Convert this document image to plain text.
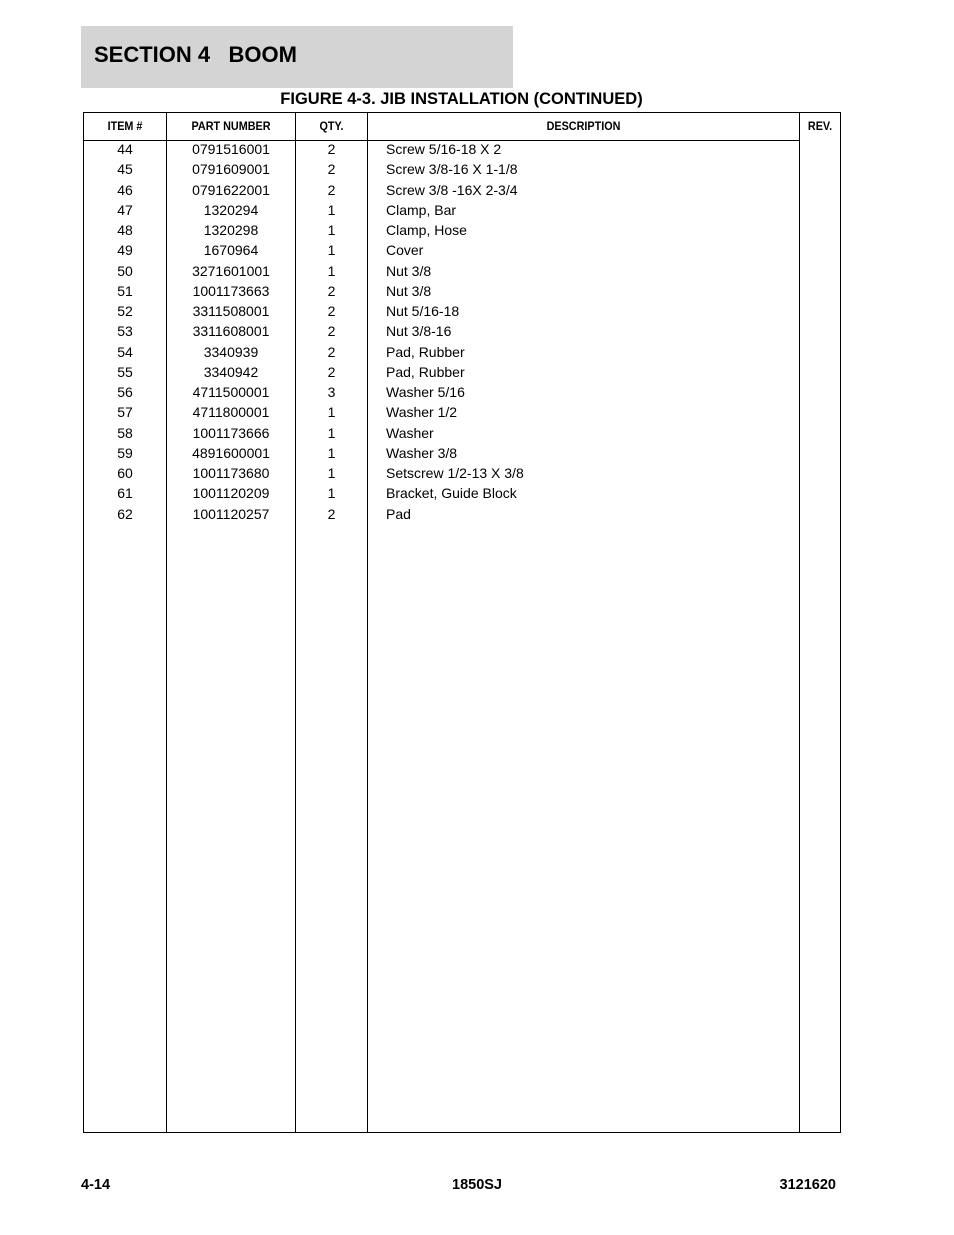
SECTION 4   BOOM
FIGURE 4-3. JIB INSTALLATION (CONTINUED)
ITEM #	PART NUMBER	QTY.	DESCRIPTION	REV.
44	0791516001	2	Screw 5/16-18 X 2
45	0791609001	2	Screw 3/8-16 X 1-1/8
46	0791622001	2	Screw 3/8 -16X 2-3/4
47	1320294	1	Clamp, Bar
48	1320298	1	Clamp, Hose
49	1670964	1	Cover
50	3271601001	1	Nut 3/8
51	1001173663	2	Nut 3/8
52	3311508001	2	Nut 5/16-18
53	3311608001	2	Nut 3/8-16
54	3340939	2	Pad, Rubber
55	3340942	2	Pad, Rubber
56	4711500001	3	Washer 5/16
57	4711800001	1	Washer 1/2
58	1001173666	1	Washer
59	4891600001	1	Washer 3/8
60	1001173680	1	Setscrew 1/2-13 X 3/8
61	1001120209	1	Bracket, Guide Block
62	1001120257	2	Pad
4-14	1850SJ	3121620
